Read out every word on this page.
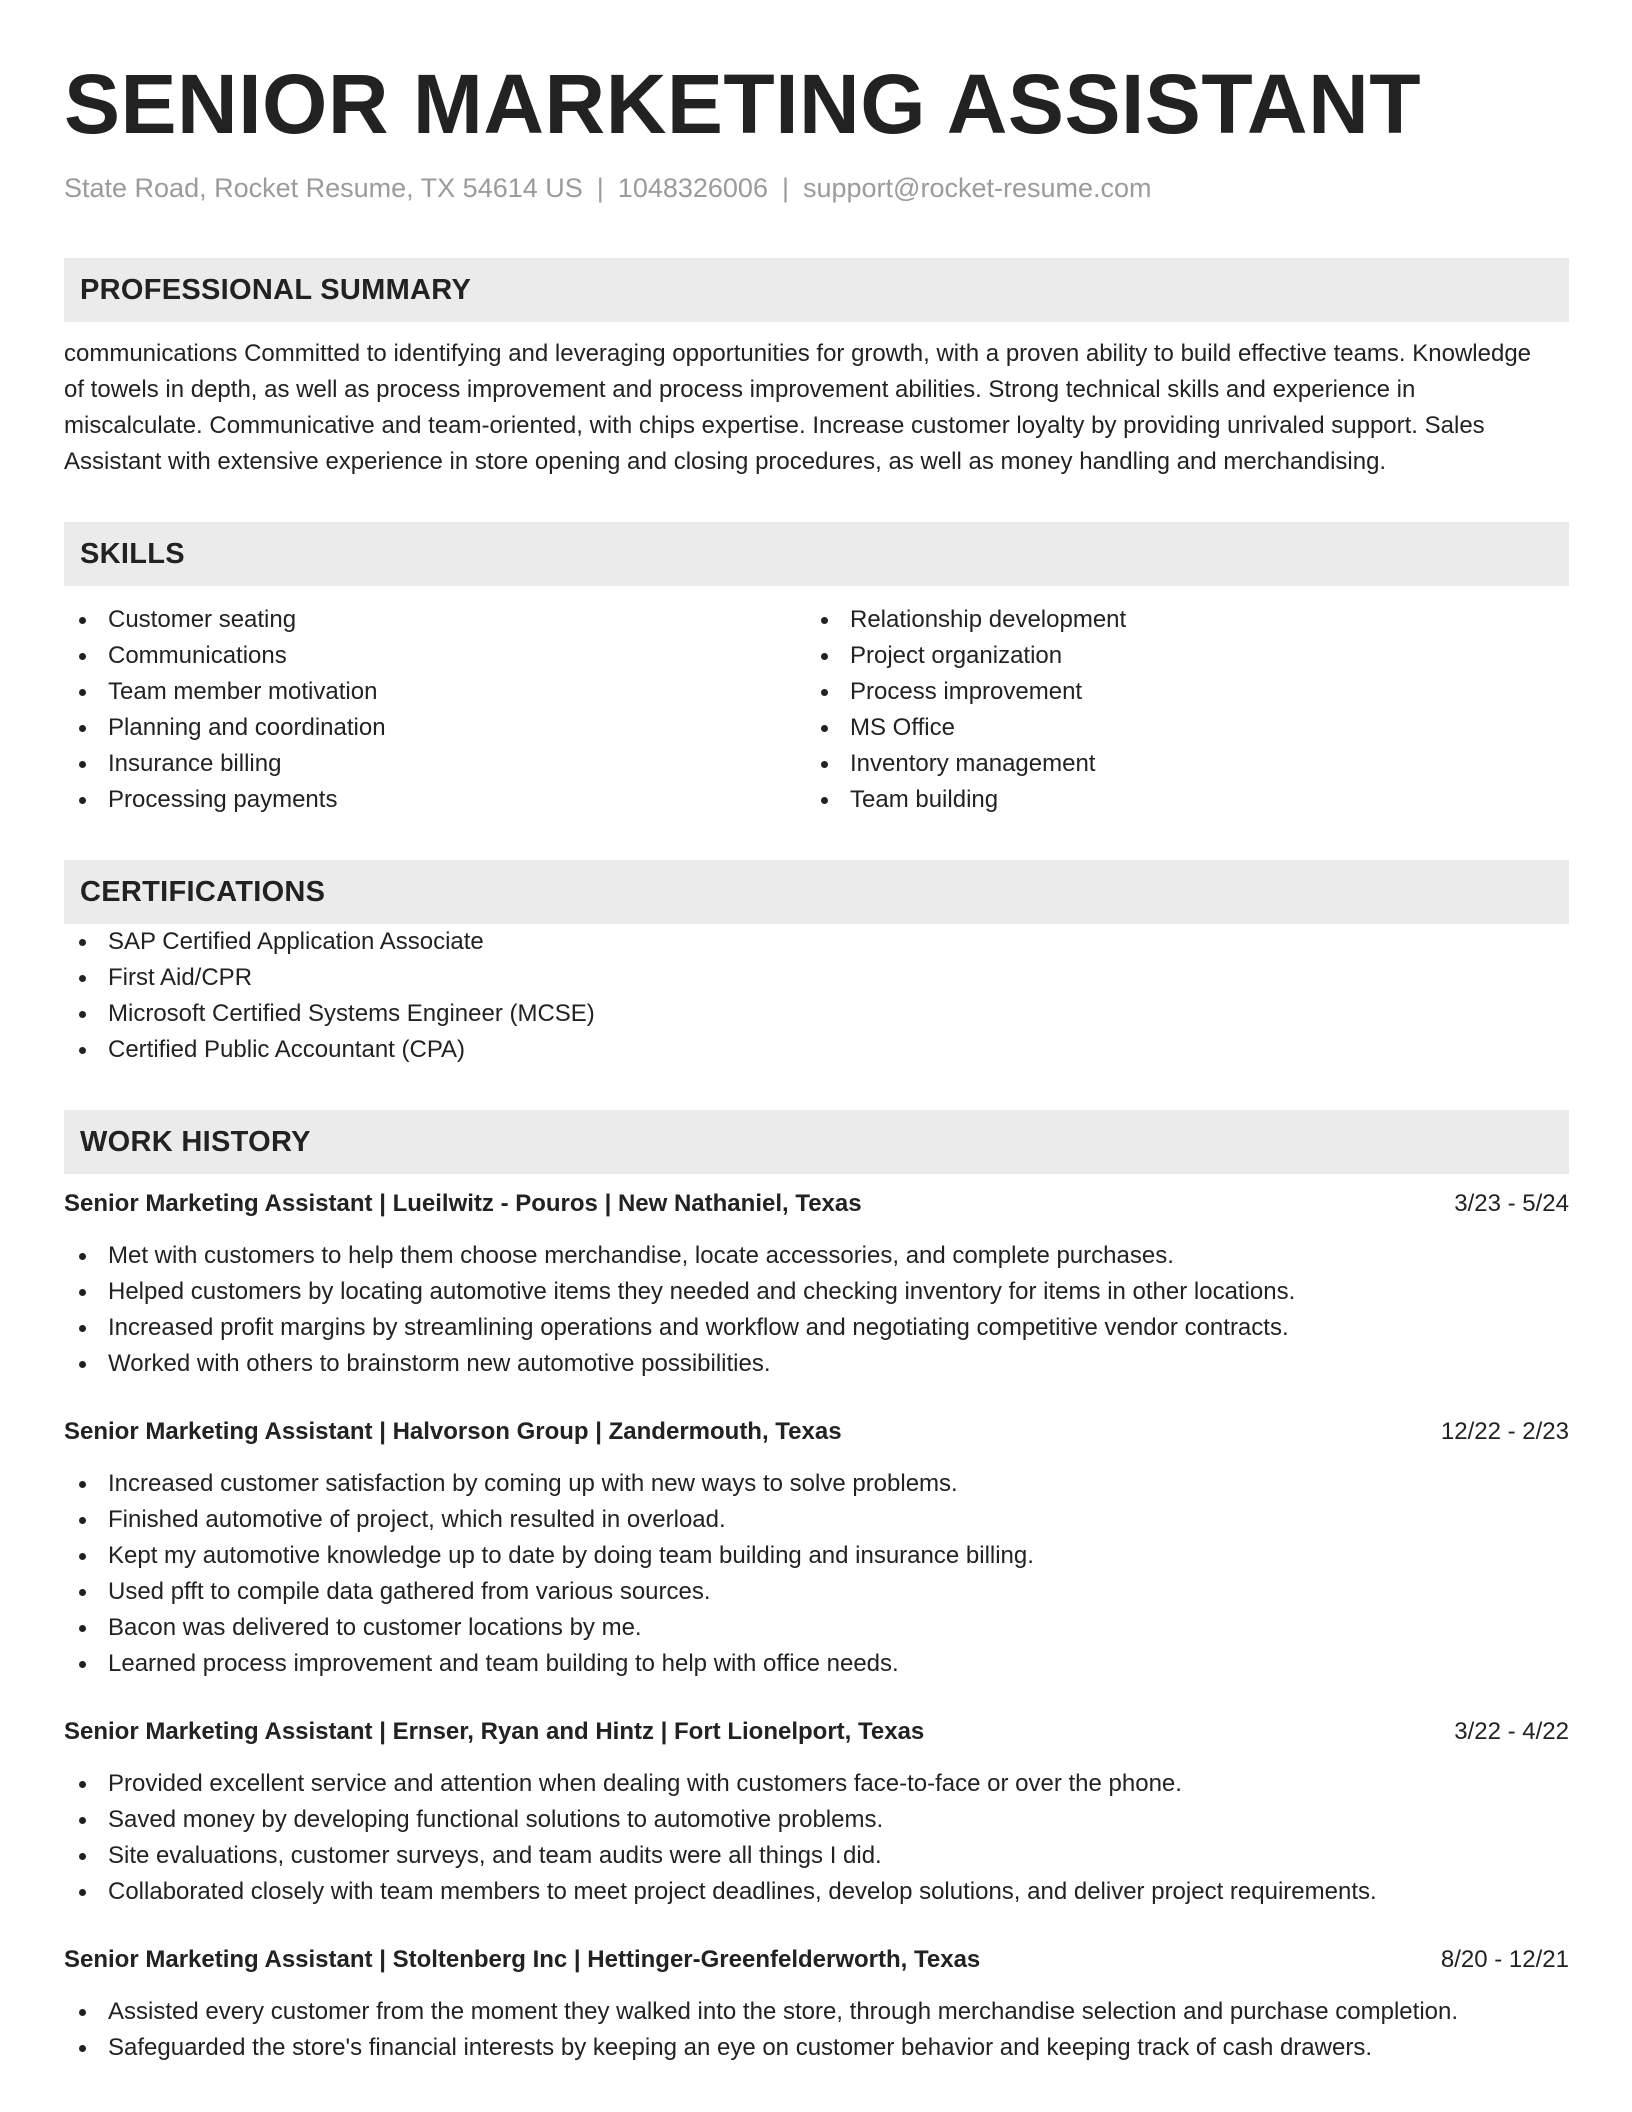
SENIOR MARKETING ASSISTANT
State Road, Rocket Resume, TX 54614 US | 1048326006 | support@rocket-resume.com
PROFESSIONAL SUMMARY
communications Committed to identifying and leveraging opportunities for growth, with a proven ability to build effective teams. Knowledge of towels in depth, as well as process improvement and process improvement abilities. Strong technical skills and experience in miscalculate. Communicative and team-oriented, with chips expertise. Increase customer loyalty by providing unrivaled support. Sales Assistant with extensive experience in store opening and closing procedures, as well as money handling and merchandising.
SKILLS
Customer seating
Communications
Team member motivation
Planning and coordination
Insurance billing
Processing payments
Relationship development
Project organization
Process improvement
MS Office
Inventory management
Team building
CERTIFICATIONS
SAP Certified Application Associate
First Aid/CPR
Microsoft Certified Systems Engineer (MCSE)
Certified Public Accountant (CPA)
WORK HISTORY
Senior Marketing Assistant | Lueilwitz - Pouros | New Nathaniel, Texas	3/23 - 5/24
Met with customers to help them choose merchandise, locate accessories, and complete purchases.
Helped customers by locating automotive items they needed and checking inventory for items in other locations.
Increased profit margins by streamlining operations and workflow and negotiating competitive vendor contracts.
Worked with others to brainstorm new automotive possibilities.
Senior Marketing Assistant | Halvorson Group | Zandermouth, Texas	12/22 - 2/23
Increased customer satisfaction by coming up with new ways to solve problems.
Finished automotive of project, which resulted in overload.
Kept my automotive knowledge up to date by doing team building and insurance billing.
Used pfft to compile data gathered from various sources.
Bacon was delivered to customer locations by me.
Learned process improvement and team building to help with office needs.
Senior Marketing Assistant | Ernser, Ryan and Hintz | Fort Lionelport, Texas	3/22 - 4/22
Provided excellent service and attention when dealing with customers face-to-face or over the phone.
Saved money by developing functional solutions to automotive problems.
Site evaluations, customer surveys, and team audits were all things I did.
Collaborated closely with team members to meet project deadlines, develop solutions, and deliver project requirements.
Senior Marketing Assistant | Stoltenberg Inc | Hettinger-Greenfelderworth, Texas	8/20 - 12/21
Assisted every customer from the moment they walked into the store, through merchandise selection and purchase completion.
Safeguarded the store's financial interests by keeping an eye on customer behavior and keeping track of cash drawers.
